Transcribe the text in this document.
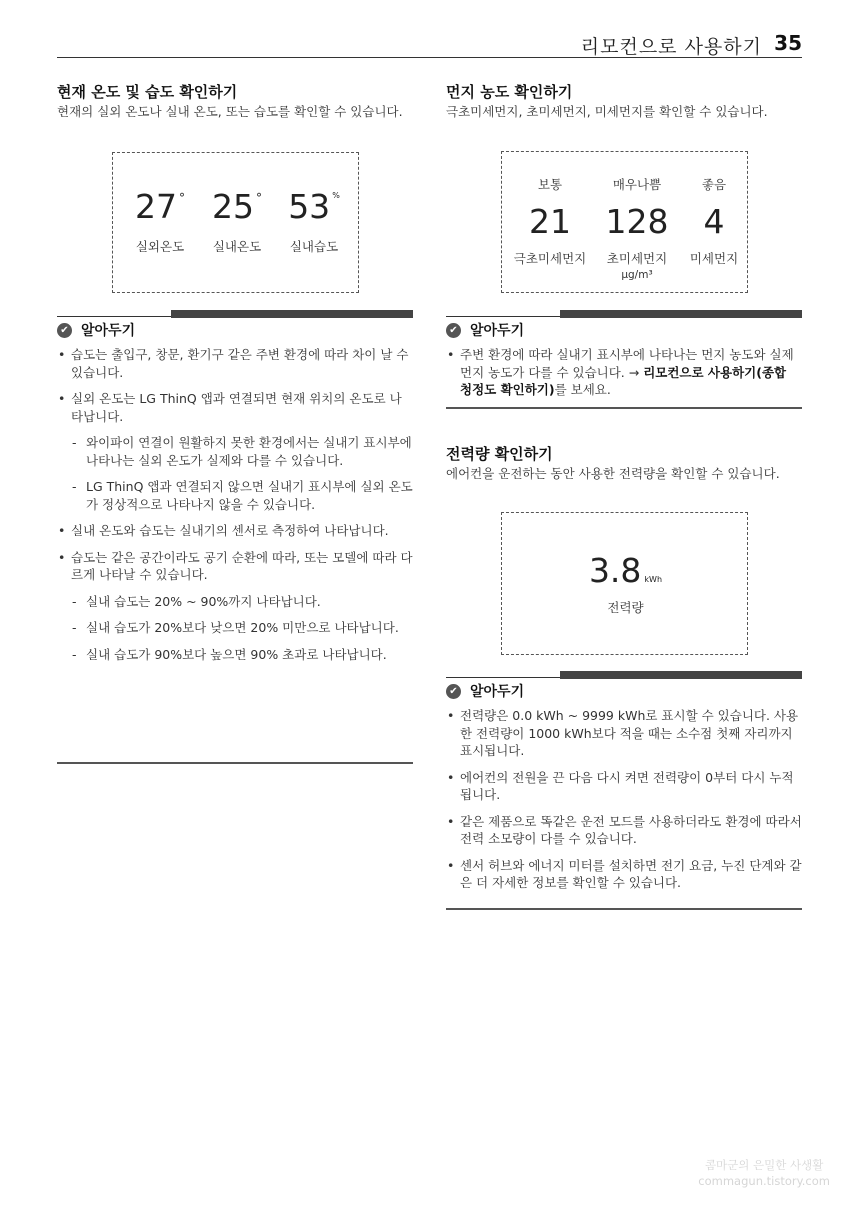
리모컨으로 사용하기 35
현재 온도 및 습도 확인하기
현재의 실외 온도나 실내 온도, 또는 습도를 확인할 수 있습니다.
27 ° 25 ° 53 %
실외온도	실내온도	실내습도
✔ 알아두기
• 습도는 출입구, 창문, 환기구 같은 주변 환경에 따라 차이 날 수 있습니다.
• 실외 온도는 LG ThinQ 앱과 연결되면 현재 위치의 온도로 나타납니다.
- 와이파이 연결이 원활하지 못한 환경에서는 실내기 표시부에 나타나는 실외 온도가 실제와 다를 수 있습니다.
- LG ThinQ 앱과 연결되지 않으면 실내기 표시부에 실외 온도가 정상적으로 나타나지 않을 수 있습니다.
• 실내 온도와 습도는 실내기의 센서로 측정하여 나타납니다.
• 습도는 같은 공간이라도 공기 순환에 따라, 또는 모델에 따라 다르게 나타날 수 있습니다.
- 실내 습도는 20% ~ 90%까지 나타납니다.
- 실내 습도가 20%보다 낮으면 20% 미만으로 나타납니다.
- 실내 습도가 90%보다 높으면 90% 초과로 나타납니다.
먼지 농도 확인하기
극초미세먼지, 초미세먼지, 미세먼지를 확인할 수 있습니다.
보통	매우나쁨	좋음
21	128	4
극초미세먼지	초미세먼지	미세먼지
μg/m³
✔ 알아두기
• 주변 환경에 따라 실내기 표시부에 나타나는 먼지 농도와 실제 먼지 농도가 다를 수 있습니다. → 리모컨으로 사용하기(종합 청정도 확인하기)를 보세요.
전력량 확인하기
에어컨을 운전하는 동안 사용한 전력량을 확인할 수 있습니다.
3.8 kWh
전력량
✔ 알아두기
• 전력량은 0.0 kWh ~ 9999 kWh로 표시할 수 있습니다. 사용한 전력량이 1000 kWh보다 적을 때는 소수점 첫째 자리까지 표시됩니다.
• 에어컨의 전원을 끈 다음 다시 켜면 전력량이 0부터 다시 누적됩니다.
• 같은 제품으로 똑같은 운전 모드를 사용하더라도 환경에 따라서 전력 소모량이 다를 수 있습니다.
• 센서 허브와 에너지 미터를 설치하면 전기 요금, 누진 단계와 같은 더 자세한 정보를 확인할 수 있습니다.
콤마군의 은밀한 사생활
commagun.tistory.com
